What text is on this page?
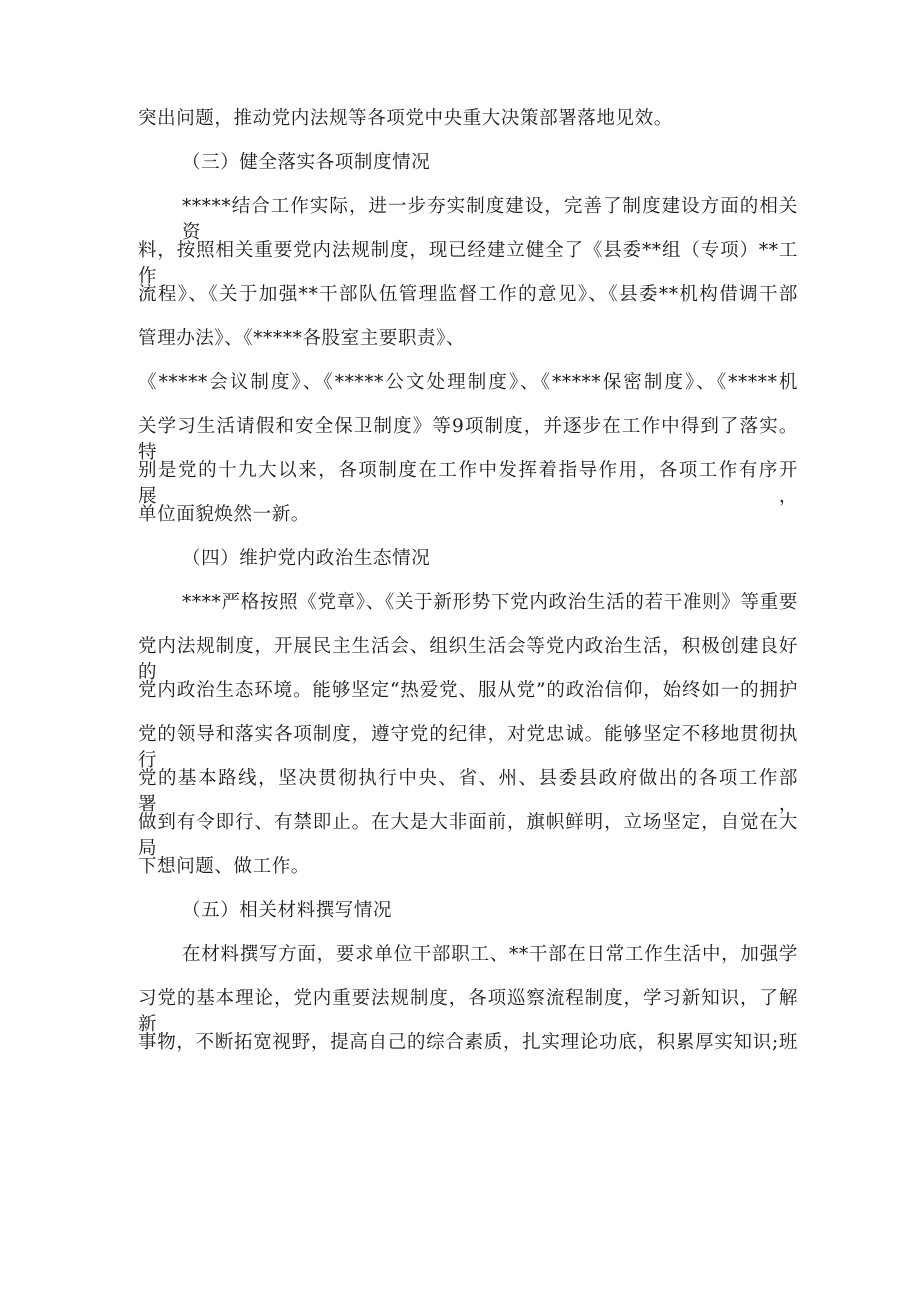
突出问题，推动党内法规等各项党中央重大决策部署落地见效。
（三）健全落实各项制度情况
*****结合工作实际，进一步夯实制度建设，完善了制度建设方面的相关资
料，按照相关重要党内法规制度，现已经建立健全了《县委**组（专项）**工作
流程》、《关于加强**干部队伍管理监督工作的意见》、《县委**机构借调干部
管理办法》、《*****各股室主要职责》、
《*****会议制度》、《*****公文处理制度》、《*****保密制度》、《*****机
关学习生活请假和安全保卫制度》等9项制度，并逐步在工作中得到了落实。特
别是党的十九大以来，各项制度在工作中发挥着指导作用，各项工作有序开展，
单位面貌焕然一新。
（四）维护党内政治生态情况
****严格按照《党章》、《关于新形势下党内政治生活的若干准则》等重要
党内法规制度，开展民主生活会、组织生活会等党内政治生活，积极创建良好的
党内政治生态环境。能够坚定“热爱党、服从党”的政治信仰，始终如一的拥护
党的领导和落实各项制度，遵守党的纪律，对党忠诚。能够坚定不移地贯彻执行
党的基本路线，坚决贯彻执行中央、省、州、县委县政府做出的各项工作部署，
做到有令即行、有禁即止。在大是大非面前，旗帜鲜明，立场坚定，自觉在大局
下想问题、做工作。
（五）相关材料撰写情况
在材料撰写方面，要求单位干部职工、**干部在日常工作生活中，加强学
习党的基本理论，党内重要法规制度，各项巡察流程制度，学习新知识，了解新
事物，不断拓宽视野，提高自己的综合素质，扎实理论功底，积累厚实知识;班
